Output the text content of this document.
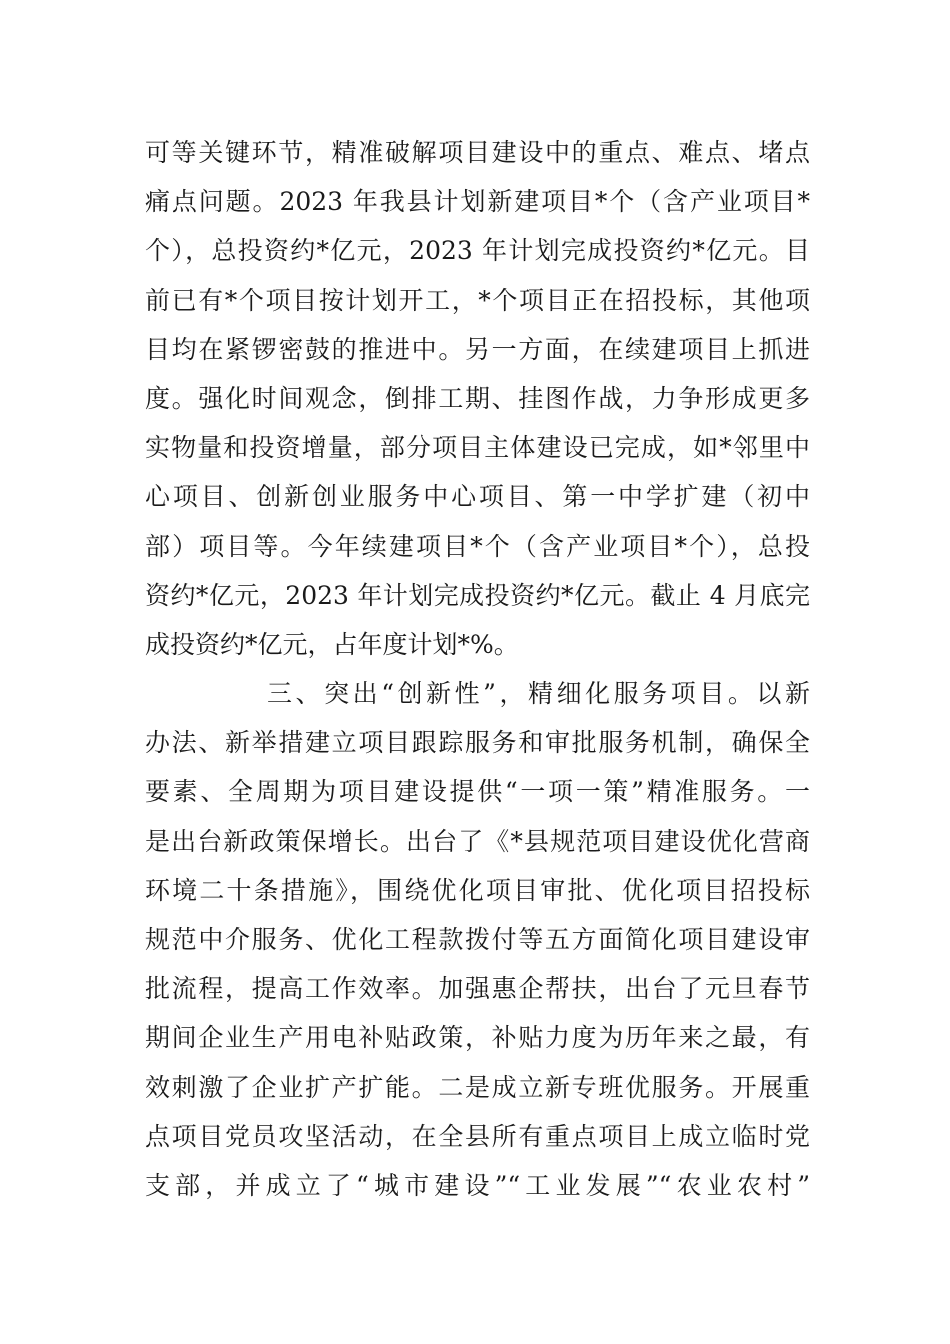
可等关键环节，精准破解项目建设中的重点、难点、堵点
痛点问题。2023 年我县计划新建项目*个（含产业项目*
个），总投资约*亿元，2023 年计划完成投资约*亿元。目
前已有*个项目按计划开工，*个项目正在招投标，其他项
目均在紧锣密鼓的推进中。另一方面，在续建项目上抓进
度。强化时间观念，倒排工期、挂图作战，力争形成更多
实物量和投资增量，部分项目主体建设已完成，如*邻里中
心项目、创新创业服务中心项目、第一中学扩建（初中
部）项目等。今年续建项目*个（含产业项目*个），总投
资约*亿元，2023 年计划完成投资约*亿元。截止 4 月底完
成投资约*亿元，占年度计划*%。
三、突出“创新性”，精细化服务项目。以新
办法、新举措建立项目跟踪服务和审批服务机制，确保全
要素、全周期为项目建设提供“一项一策”精准服务。一
是出台新政策保增长。出台了《*县规范项目建设优化营商
环境二十条措施》，围绕优化项目审批、优化项目招投标
规范中介服务、优化工程款拨付等五方面简化项目建设审
批流程，提高工作效率。加强惠企帮扶，出台了元旦春节
期间企业生产用电补贴政策，补贴力度为历年来之最，有
效刺激了企业扩产扩能。二是成立新专班优服务。开展重
点项目党员攻坚活动，在全县所有重点项目上成立临时党
支部，并成立了“城市建设”“工业发展”“农业农村”
